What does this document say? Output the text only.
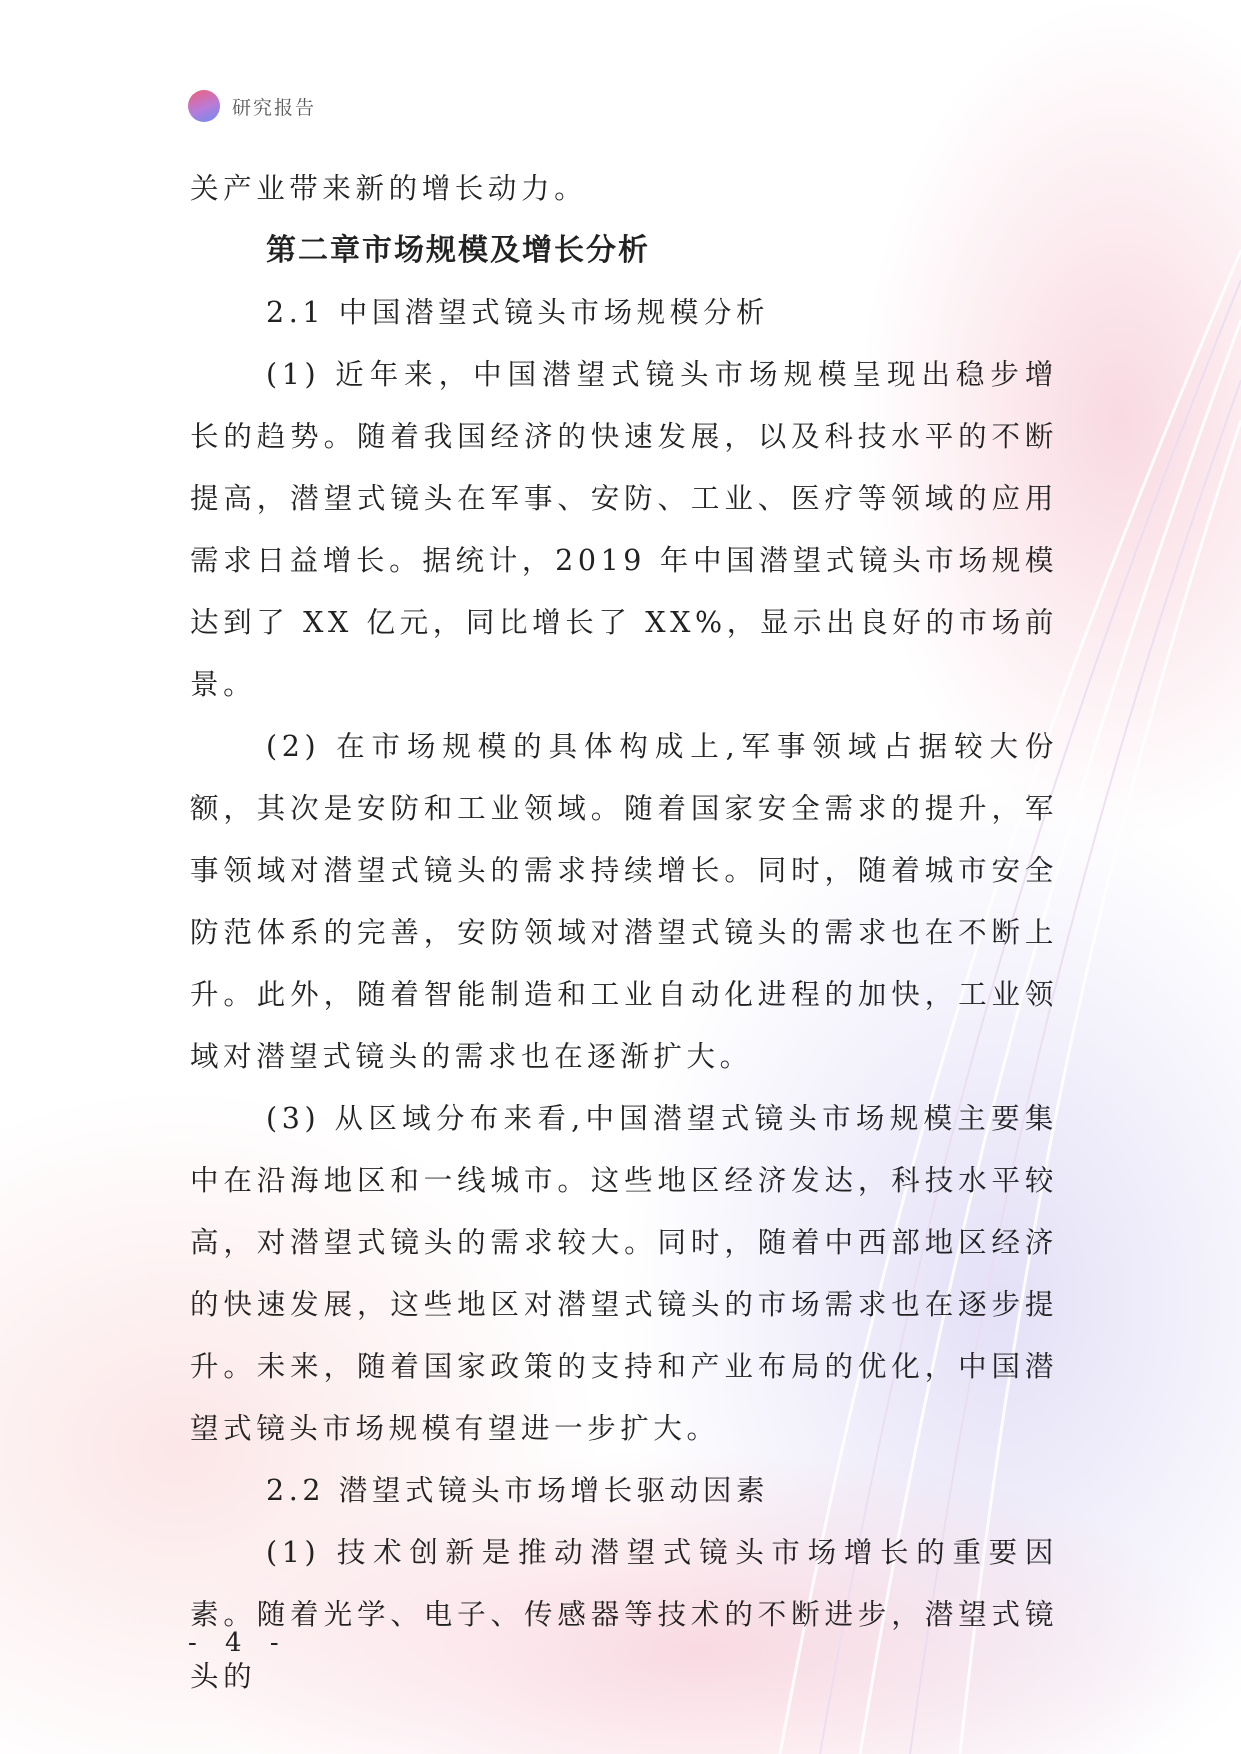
研究报告

关产业带来新的增长动力。

第二章市场规模及增长分析
2.1 中国潜望式镜头市场规模分析

(1) 近年来，中国潜望式镜头市场规模呈现出稳步增长的趋势。随着我国经济的快速发展，以及科技水平的不断提高，潜望式镜头在军事、安防、工业、医疗等领域的应用需求日益增长。据统计，2019 年中国潜望式镜头市场规模达到了 XX 亿元，同比增长了 XX%，显示出良好的市场前景。

(2) 在市场规模的具体构成上,军事领域占据较大份额，其次是安防和工业领域。随着国家安全需求的提升，军事领域对潜望式镜头的需求持续增长。同时，随着城市安全防范体系的完善，安防领域对潜望式镜头的需求也在不断上升。此外，随着智能制造和工业自动化进程的加快，工业领域对潜望式镜头的需求也在逐渐扩大。

(3) 从区域分布来看,中国潜望式镜头市场规模主要集中在沿海地区和一线城市。这些地区经济发达，科技水平较高，对潜望式镜头的需求较大。同时，随着中西部地区经济的快速发展，这些地区对潜望式镜头的市场需求也在逐步提升。未来，随着国家政策的支持和产业布局的优化，中国潜望式镜头市场规模有望进一步扩大。

2.2 潜望式镜头市场增长驱动因素

(1) 技术创新是推动潜望式镜头市场增长的重要因素。随着光学、电子、传感器等技术的不断进步，潜望式镜头的

- 4 -
